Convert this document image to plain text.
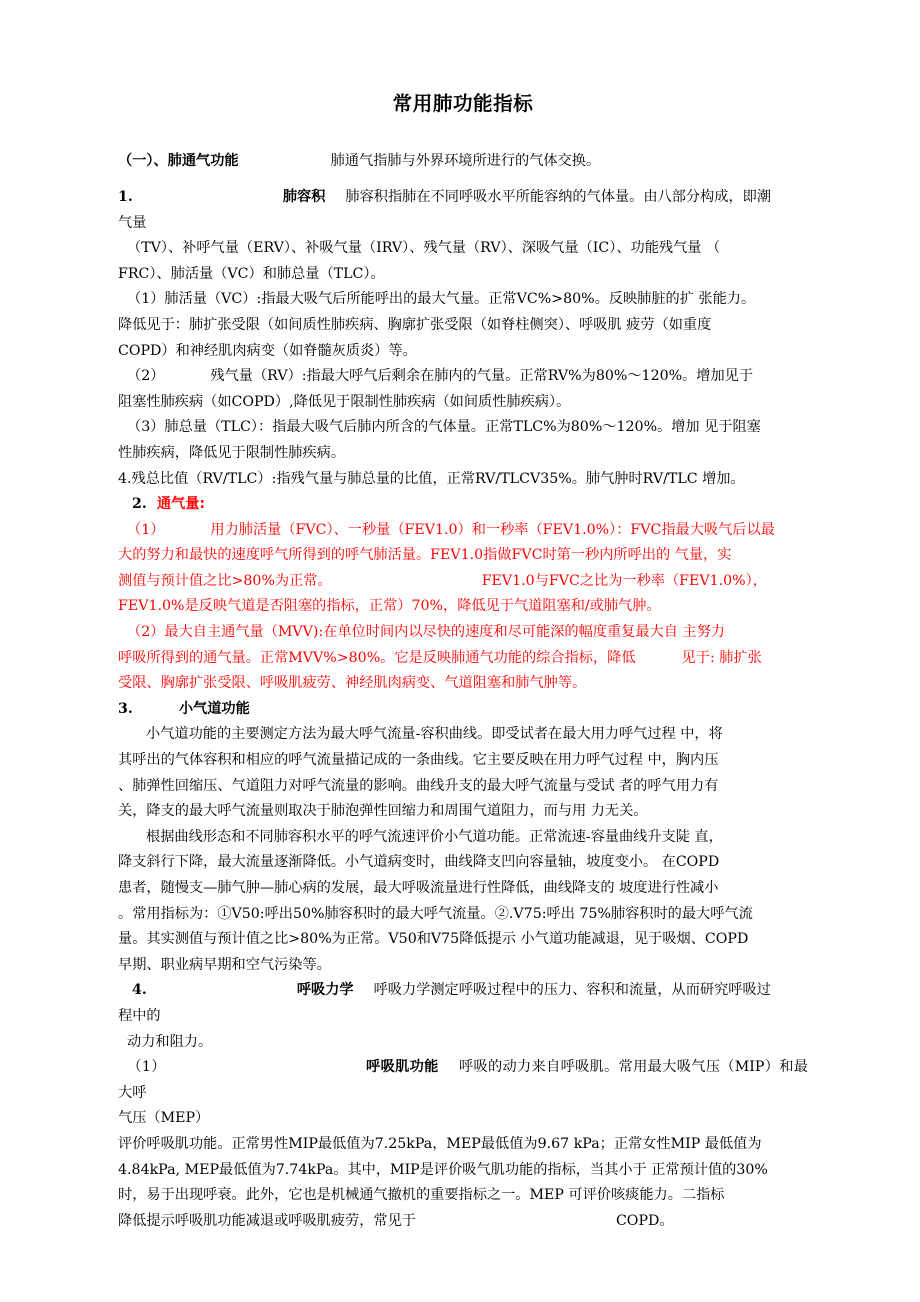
常用肺功能指标

（一）、肺通气功能	肺通气指肺与外界环境所进行的气体交换。

1.	肺容积 肺容积指肺在不同呼吸水平所能容纳的气体量。由八部分构成，即潮

气量

（TV）、补呼气量（ERV）、补吸气量（IRV）、残气量（RV）、深吸气量（IC）、功能残气量 （

FRC）、肺活量（VC）和肺总量（TLC）。

（1）肺活量（VC）:指最大吸气后所能呼出的最大气量。正常VC%>80%。反映肺脏的扩 张能力。

降低见于：肺扩张受限（如间质性肺疾病、胸廓扩张受限（如脊柱侧突）、呼吸肌 疲劳（如重度

COPD）和神经肌肉病变（如脊髓灰质炎）等。

（2）	残气量（RV）:指最大呼气后剩余在肺内的气量。正常RV%为80%〜120%。增加见于

阻塞性肺疾病（如COPD）,降低见于限制性肺疾病（如间质性肺疾病）。

（3）肺总量（TLC）：指最大吸气后肺内所含的气体量。正常TLC%为80%〜120%。增加 见于阻塞

性肺疾病，降低见于限制性肺疾病。

4.残总比值（RV/TLC）:指残气量与肺总量的比值，正常RV/TLCV35%。肺气肿时RV/TLC 增加。

2. 通气量:

（1）	用力肺活量（FVC）、一秒量（FEV1.0）和一秒率（FEV1.0%）：FVC指最大吸气后以最

大的努力和最快的速度呼气所得到的呼气肺活量。FEV1.0指做FVC时第一秒内所呼出的 气量，实

测值与预计值之比>80%为正常。	FEV1.0与FVC之比为一秒率（FEV1.0%），

FEV1.0%是反映气道是否阻塞的指标，正常）70%，降低见于气道阻塞和/或肺气肿。

（2）最大自主通气量（MVV):在单位时间内以尽快的速度和尽可能深的幅度重复最大自 主努力

呼吸所得到的通气量。正常MVV%>80%。它是反映肺通气功能的综合指标，降低	见于: 肺扩张

受限、胸廓扩张受限、呼吸肌疲劳、神经肌肉病变、气道阻塞和肺气肿等。

3.	小气道功能

小气道功能的主要测定方法为最大呼气流量-容积曲线。即受试者在最大用力呼气过程 中，将

其呼出的气体容积和相应的呼气流量描记成的一条曲线。它主要反映在用力呼气过程 中，胸内压

、肺弹性回缩压、气道阻力对呼气流量的影响。曲线升支的最大呼气流量与受试 者的呼气用力有

关，降支的最大呼气流量则取决于肺泡弹性回缩力和周围气道阻力，而与用 力无关。

根据曲线形态和不同肺容积水平的呼气流速评价小气道功能。正常流速-容量曲线升支陡 直，

降支斜行下降，最大流量逐渐降低。小气道病变时，曲线降支凹向容量轴，坡度变小。 在COPD

患者，随慢支—肺气肿—肺心病的发展，最大呼吸流量进行性降低，曲线降支的 坡度进行性减小

。常用指标为：①V50:呼出50%肺容积时的最大呼气流量。②.V75:呼出 75%肺容积时的最大呼气流

量。其实测值与预计值之比>80%为正常。V50和V75降低提示 小气道功能减退，见于吸烟、COPD

早期、职业病早期和空气污染等。

4.	呼吸力学 呼吸力学测定呼吸过程中的压力、容积和流量，从而研究呼吸过

程中的

动力和阻力。

（1）	呼吸肌功能 呼吸的动力来自呼吸肌。常用最大吸气压（MIP）和最大呼

气压（MEP）

评价呼吸肌功能。正常男性MIP最低值为7.25kPa，MEP最低值为9.67 kPa；正常女性MIP 最低值为

4.84kPa, MEP最低值为7.74kPa。其中，MIP是评价吸气肌功能的指标，当其小于 正常预计值的30%

时，易于出现呼衰。此外，它也是机械通气撤机的重要指标之一。MEP 可评价咳痰能力。二指标

降低提示呼吸肌功能减退或呼吸肌疲劳，常见于	COPD。
